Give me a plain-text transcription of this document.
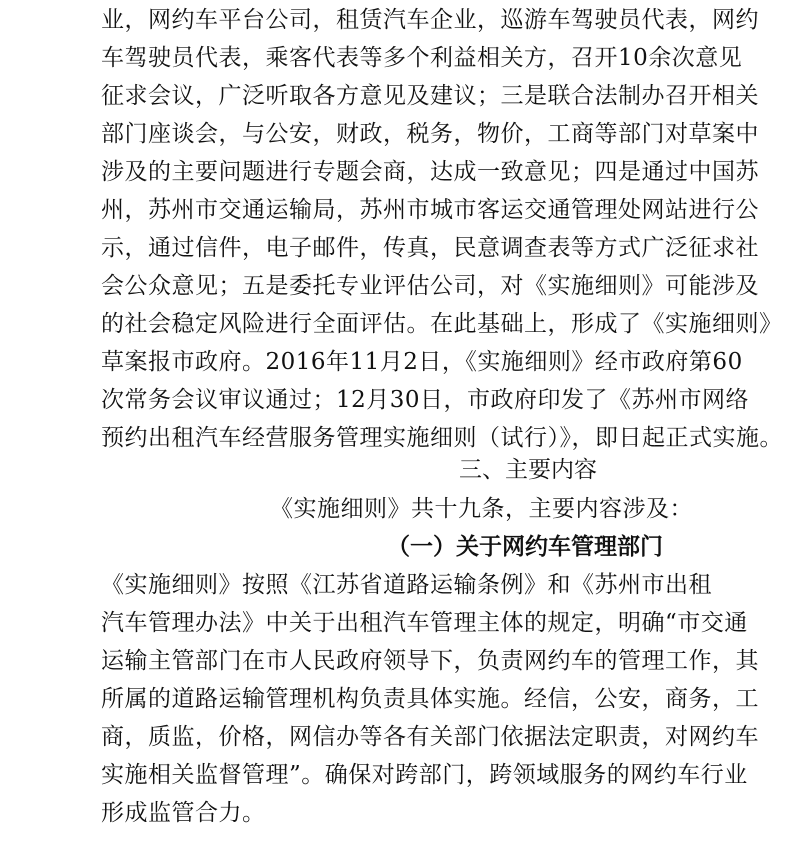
业，网约车平台公司，租赁汽车企业，巡游车驾驶员代表，网约
车驾驶员代表，乘客代表等多个利益相关方，召开10余次意见
征求会议，广泛听取各方意见及建议；三是联合法制办召开相关
部门座谈会，与公安，财政，税务，物价，工商等部门对草案中
涉及的主要问题进行专题会商，达成一致意见；四是通过中国苏
州，苏州市交通运输局，苏州市城市客运交通管理处网站进行公
示，通过信件，电子邮件，传真，民意调查表等方式广泛征求社
会公众意见；五是委托专业评估公司，对《实施细则》可能涉及
的社会稳定风险进行全面评估。在此基础上，形成了《实施细则》
草案报市政府。2016年11月2日，《实施细则》经市政府第60
次常务会议审议通过；12月30日，市政府印发了《苏州市网络
预约出租汽车经营服务管理实施细则（试行）》，即日起正式实施。
三、主要内容
《实施细则》共十九条，主要内容涉及：
（一）关于网约车管理部门
《实施细则》按照《江苏省道路运输条例》和《苏州市出租
汽车管理办法》中关于出租汽车管理主体的规定，明确“市交通
运输主管部门在市人民政府领导下，负责网约车的管理工作，其
所属的道路运输管理机构负责具体实施。经信，公安，商务，工
商，质监，价格，网信办等各有关部门依据法定职责，对网约车
实施相关监督管理”。确保对跨部门，跨领域服务的网约车行业
形成监管合力。
